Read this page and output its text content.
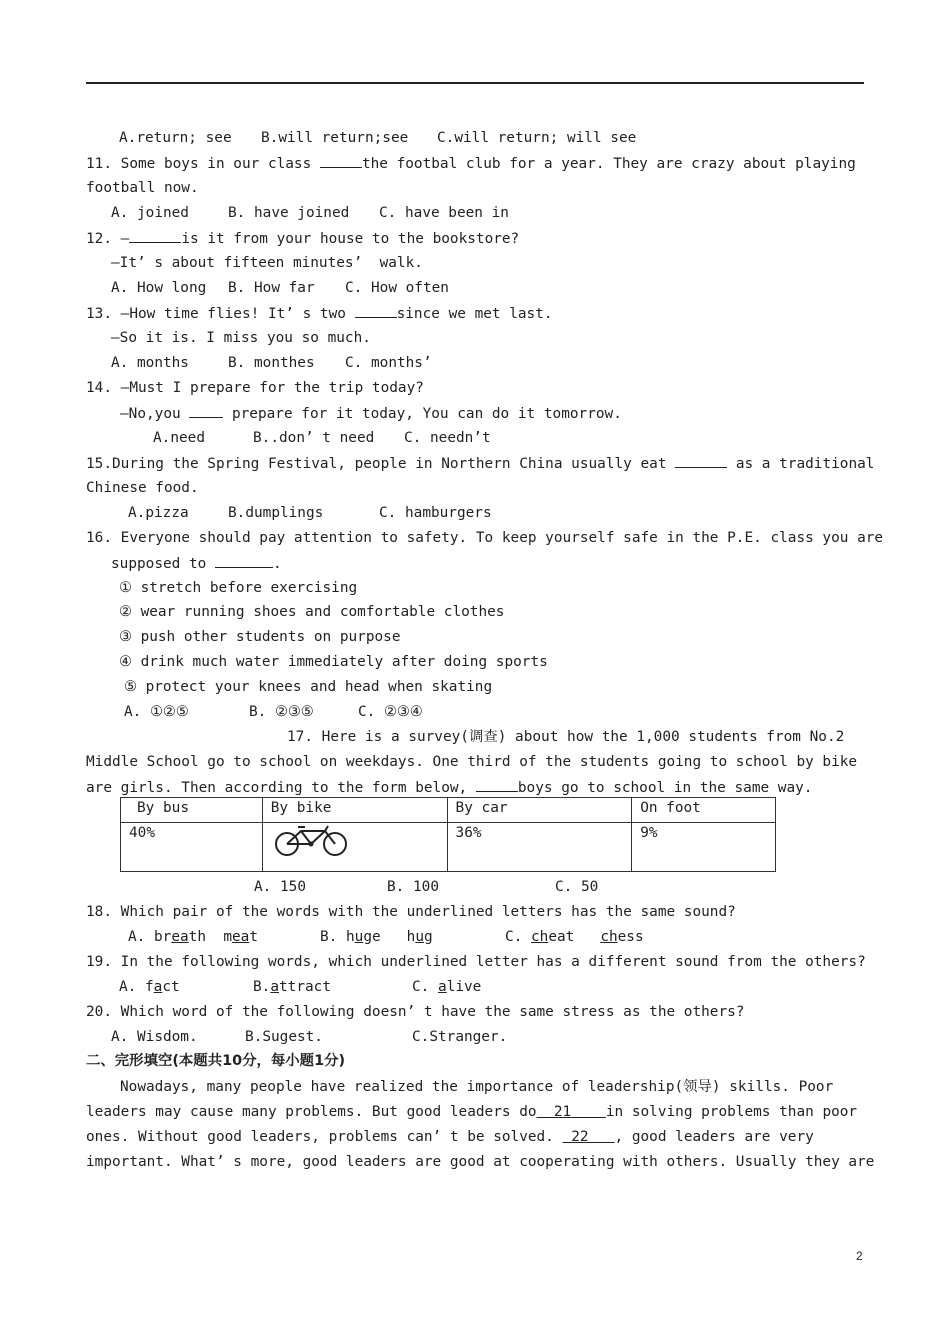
A.return; see B.will return;see C.will return; will see
11. Some boys in our class	the footbal club for a year. They are crazy about playing
football now.
A. joined	B. have joined C. have been in
12. —	is it from your house to the bookstore?
—It’ s about fifteen minutes’  walk.
A. How long B. How far C. How often
13. —How time flies! It’ s two	since we met last.
—So it is. I miss you so much.
A. months	B. monthes C. months’
14. —Must I prepare for the trip today?
—No,you  prepare for it today, You can do it tomorrow.
A.need	B..don’ t need C. needn’t
15.During the Spring Festival, people in Northern China usually eat	as a traditional
Chinese food.
A.pizza	B.dumplings	C. hamburgers
16. Everyone should pay attention to safety. To keep yourself safe in the P.E. class you are
supposed to	.
① stretch before exercising
② wear running shoes and comfortable clothes
③ push other students on purpose
④ drink much water immediately after doing sports
⑤ protect your knees and head when skating
A. ①②⑤	B. ②③⑤	C. ②③④
17. Here is a survey(调查) about how the 1,000 students from No.2
Middle School go to school on weekdays. One third of the students going to school by bike
are girls. Then according to the form below,	boys go to school in the same way.
By bus	By bike	By car	On foot
40%		36%	9%
A. 150	B. 100	C. 50
18. Which pair of the words with the underlined letters has the same sound?
A. breath  meat	B. huge   hug	C. cheat   chess
19. In the following words, which underlined letter has a different sound from the others?
A. fact	B.attract	C. alive
20. Which word of the following doesn’ t have the same stress as the others?
A. Wisdom.	B.Sugest.	C.Stranger.
二、完形填空(本题共10分，每小题1分)
Nowadays, many people have realized the importance of leadership(领导) skills. Poor
leaders may cause many problems. But good leaders do 21 in solving problems than poor
ones. Without good leaders, problems can’ t be solved.  22 , good leaders are very
important. What’ s more, good leaders are good at cooperating with others. Usually they are
2
